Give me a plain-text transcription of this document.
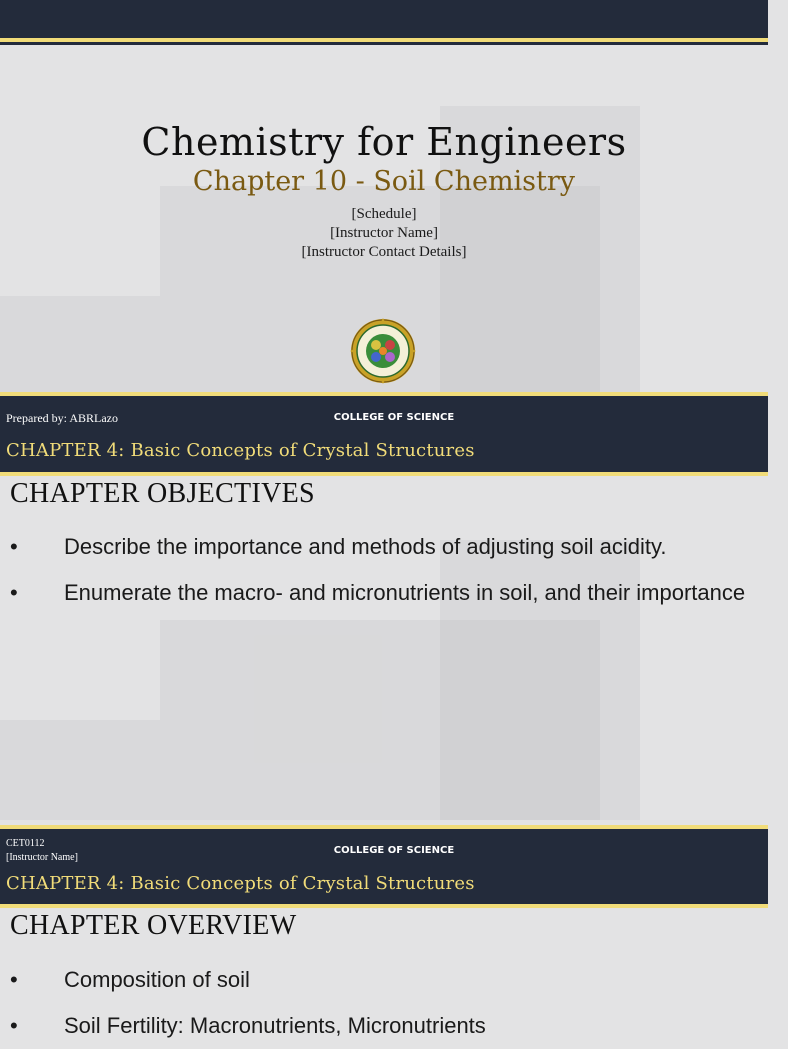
Chemistry for Engineers
Chapter 10 - Soil Chemistry
[Schedule]
[Instructor Name]
[Instructor Contact Details]
Prepared by: ABRLazo	COLLEGE OF SCIENCE
CHAPTER 4: Basic Concepts of Crystal Structures
CHAPTER OBJECTIVES
•	Describe the importance and methods of adjusting soil acidity.
•	Enumerate the macro- and micronutrients in soil, and their importance
CET0112
[Instructor Name]
COLLEGE OF SCIENCE
CHAPTER 4: Basic Concepts of Crystal Structures
CHAPTER OVERVIEW
•	Composition of soil
•	Soil Fertility: Macronutrients, Micronutrients
